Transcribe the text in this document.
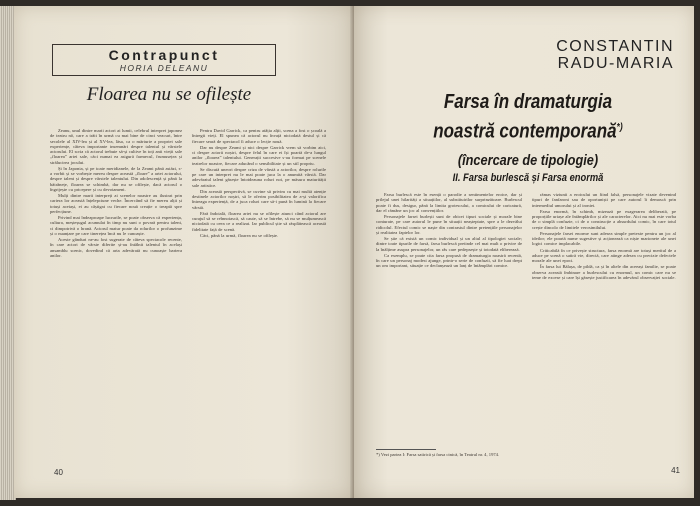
Contrapunct
HORIA DELEANU
Floarea nu se ofilește

Zeanu, unul dintre marii actori ai lumii, celebrul interpret japonez de teatru nō, care a trăit în urmă cu mai bine de cinci veacuri, între secolele al XIV-lea și al XV-lea, lăsa, ca o mărturie a propriei sale experiențe, câteva importante insemnări despre talentul și vârstele actorului. El scria că actorul trebuie să-și cultive în toți anii vieții sale „floarea” artei sale, căci numai ea asigură farmecul, frumusețea și strălucirea jocului.

Și în Japonia, și pe toate meridianele, de la Zeami până astăzi, s-a vorbit și se vorbește mereu despre această „floare” a artei actorului, despre talent și despre vârstele talentului. Din adolescență și până la bătrânețe, floarea se schimbă, dar nu se ofilește, dacă actorul o îngrijește cu pricepere și cu devotament.

Mulți dintre marii interpreți ai scenelor noastre au ilustrat prin cariera lor această înțelepciune veche. Încercând să fie mereu alții și totuși aceiași, ei au câștigat cu fiecare nouă creație o treaptă spre perfecțiune.

Privind mai îndeaproape lucrurile, se poate observa că experiența, cultura, meșteșugul acumulat în timp nu sunt o povară pentru talent, ci dimpotrivă o hrană. Actorul matur poate da rolurilor o profunzime și o nuanțare pe care tinerețea încă nu le cunoaște.

Aceste gânduri ne-au fost sugerate de câteva spectacole recente, în care actori de vârste diferite și-au întâlnit talentul în același ansamblu scenic, dovedind că arta adevărată nu cunoaște bariera anilor.

Pentru David Garrick, ca pentru atâția alții, scena a fost o școală a întregii vieți. El spunea că actorul nu învață niciodată destul și că fiecare seară de spectacol îi aduce o lecție nouă.

Dar nu despre Zeami și nici despre Garrick vrem să vorbim aici, ci despre actorii noștri, despre felul în care ei își poartă de-a lungul anilor „floarea” talentului. Generații succesive s-au format pe scenele teatrelor noastre, fiecare aducând o sensibilitate și un stil propriu.

Se discută uneori despre criza de vârstă a actorilor, despre rolurile pe care un interpret nu le mai poate juca la o anumită vârstă. Dar adevăratul talent găsește întotdeauna roluri noi, pe măsura maturității sale artistice.

Din această perspectivă, se cuvine să privim cu mai multă atenție destinele actorilor noștri, să le oferim posibilitatea de a-și valorifica întreaga experiență, de a juca roluri care să-i pună în lumină la fiecare vârstă.

Fără îndoială, floarea artei nu se ofilește atunci când actorul are curajul să se reînnoiască, să caute, să se întrebe, să nu se mulțumească niciodată cu ceea ce a realizat. Iar publicul știe să răsplătească această fidelitate față de scenă.

Căci, până la urmă, floarea nu se ofilește.

40
CONSTANTIN
RADU-MARIA
Farsa în dramaturgia
noastră contemporană*)
(încercare de tipologie)
II. Farsa burlescă și Farsa enormă

Farsa burlescă este în esență o parodie a sentimentelor eroice, dar și prilejul unei hilarități a situațiilor, al substituirilor surprinzătoare. Burlescul poate fi dus, desigur, până la limita grotescului, a comicului de caricatură, dar el rămâne un joc al convențiilor.

Personajele farsei burlești sunt de obicei tipuri sociale și morale bine conturate, pe care autorul le pune în situații neașteptate, spre a le dezvălui ridicolul. Efectul comic se naște din contrastul dintre pretențiile personajelor și realitatea faptelor lor.

Se știe că există un comic individual și un altul al tipologiei sociale; dintre toate tipurile de farsă, farsa burlescă pretinde cel mai mult o privire de la înălțime asupra personajelor, un râs care pedepsește și totodată eliberează.

Ca exemplu, se poate cita farsa propusă de dramaturgia noastră recentă, în care un personaj modest ajunge, printr-o serie de confuzii, să fie luat drept un om important, situație ce declanșează un lanț de întâmplări comice.

rămas viziunii a eroicului un fiind falsă, personajele vizate devenind tipuri de fanfaroni sau de oportuniști pe care autorul îi demască prin intermediul umorului și al ironiei.

Farsa enormă, în schimb, mizează pe exagerarea deliberată, pe proporțiile uriașe ale întâmplărilor și ale caracterelor. Aici nu mai este vorba de o simplă confuzie, ci de o construcție a absurdului comic, în care totul crește dincolo de limitele verosimilului.

Personajele farsei enorme sunt adesea simple pretexte pentru un joc al ideilor; ele poartă nume sugestive și acționează ca niște marionete ale unei logici comice implacabile.

Criticabilă în ce privește structura, farsa enormă are totuși meritul de a aduce pe scenă o satiră vie, directă, care atinge adesea cu precizie defectele morale ale unei epoci.

În farsa lui Bălașa, de pildă, ca și în altele din aceeași familie, se poate observa această îmbinare a burlescului cu enormul, un comic care nu se teme de excese și care își găsește justificarea în adevărul observației sociale.

*) Vezi partea I: Farsa satirică și farsa cinică, în Teatrul nr. 4, 1974.
41
